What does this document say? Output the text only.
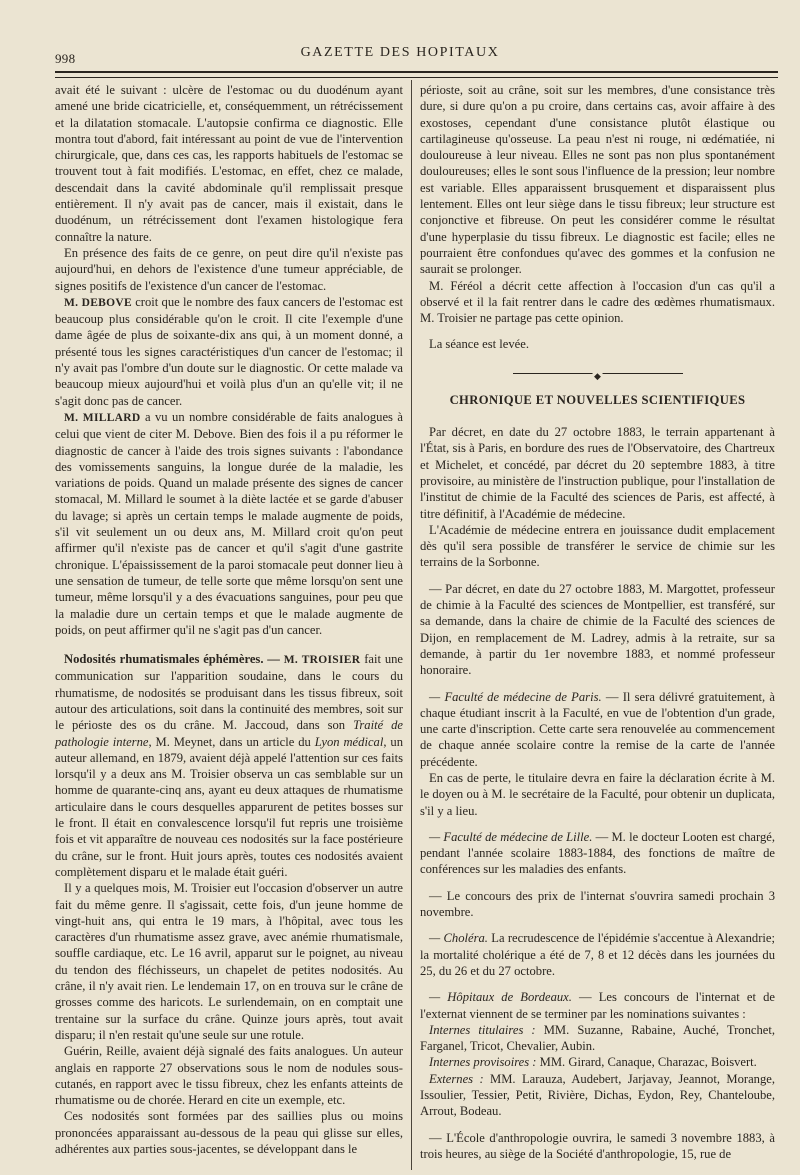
998	GAZETTE DES HOPITAUX

avait été le suivant : ulcère de l'estomac ou du duodénum ayant amené une bride cicatricielle, et, conséquemment, un rétrécissement et la dilatation stomacale. L'autopsie confirma ce diagnostic. Elle montra tout d'abord, fait intéressant au point de vue de l'intervention chirurgicale, que, dans ces cas, les rapports habituels de l'estomac se trouvent tout à fait modifiés. L'estomac, en effet, chez ce malade, descendait dans la cavité abdominale qu'il remplissait presque entièrement. Il n'y avait pas de cancer, mais il existait, dans le duodénum, un rétrécissement dont l'examen histologique fera connaître la nature.

En présence des faits de ce genre, on peut dire qu'il n'existe pas aujourd'hui, en dehors de l'existence d'une tumeur appréciable, de signes positifs de l'existence d'un cancer de l'estomac.

M. DEBOVE croit que le nombre des faux cancers de l'estomac est beaucoup plus considérable qu'on le croit. Il cite l'exemple d'une dame âgée de plus de soixante-dix ans qui, à un moment donné, a présenté tous les signes caractéristiques d'un cancer de l'estomac; il n'y avait pas l'ombre d'un doute sur le diagnostic. Or cette malade va beaucoup mieux aujourd'hui et voilà plus d'un an qu'elle vit; il ne s'agit donc pas de cancer.

M. MILLARD a vu un nombre considérable de faits analogues à celui que vient de citer M. Debove. Bien des fois il a pu réformer le diagnostic de cancer à l'aide des trois signes suivants : l'abondance des vomissements sanguins, la longue durée de la maladie, les variations de poids. Quand un malade présente des signes de cancer stomacal, M. Millard le soumet à la diète lactée et se garde d'abuser du lavage; si après un certain temps le malade augmente de poids, s'il vit seulement un ou deux ans, M. Millard croit qu'on peut affirmer qu'il n'existe pas de cancer et qu'il s'agit d'une gastrite chronique. L'épaississement de la paroi stomacale peut donner lieu à une sensation de tumeur, de telle sorte que même lorsqu'on sent une tumeur, même lorsqu'il y a des évacuations sanguines, pour peu que la maladie dure un certain temps et que le malade augmente de poids, on peut affirmer qu'il ne s'agit pas d'un cancer.

Nodosités rhumatismales éphémères. — M. TROISIER fait une communication sur l'apparition soudaine, dans le cours du rhumatisme, de nodosités se produisant dans les tissus fibreux, soit autour des articulations, soit dans la continuité des membres, soit sur le périoste des os du crâne. M. Jaccoud, dans son Traité de pathologie interne, M. Meynet, dans un article du Lyon médical, un auteur allemand, en 1879, avaient déjà appelé l'attention sur ces faits lorsqu'il y a deux ans M. Troisier observa un cas semblable sur un homme de quarante-cinq ans, ayant eu deux attaques de rhumatisme articulaire dans le cours desquelles apparurent de petites bosses sur le front. Il était en convalescence lorsqu'il fut repris une troisième fois et vit apparaître de nouveau ces nodosités sur la face postérieure du crâne, sur le front. Huit jours après, toutes ces nodosités avaient complètement disparu et le malade était guéri.

Il y a quelques mois, M. Troisier eut l'occasion d'observer un autre fait du même genre. Il s'agissait, cette fois, d'un jeune homme de vingt-huit ans, qui entra le 19 mars, à l'hôpital, avec tous les caractères d'un rhumatisme assez grave, avec anémie rhumatismale, souffle cardiaque, etc. Le 16 avril, apparut sur le poignet, au niveau du tendon des fléchisseurs, un chapelet de petites nodosités. Au crâne, il n'y avait rien. Le lendemain 17, on en trouva sur le crâne de grosses comme des haricots. Le surlendemain, on en comptait une trentaine sur la surface du crâne. Quinze jours après, tout avait disparu; il n'en restait qu'une seule sur une rotule.

Guérin, Reille, avaient déjà signalé des faits analogues. Un auteur anglais en rapporte 27 observations sous le nom de nodules sous-cutanés, en rapport avec le tissu fibreux, chez les enfants atteints de rhumatisme ou de chorée. Herard en cite un exemple, etc.

Ces nodosités sont formées par des saillies plus ou moins prononcées apparaissant au-dessous de la peau qui glisse sur elles, adhérentes aux parties sous-jacentes, se développant dans le

périoste, soit au crâne, soit sur les membres, d'une consistance très dure, si dure qu'on a pu croire, dans certains cas, avoir affaire à des exostoses, cependant d'une consistance plutôt élastique ou cartilagineuse qu'osseuse. La peau n'est ni rouge, ni œdématiée, ni douloureuse à leur niveau. Elles ne sont pas non plus spontanément douloureuses; elles le sont sous l'influence de la pression; leur nombre est variable. Elles apparaissent brusquement et disparaissent plus lentement. Elles ont leur siège dans le tissu fibreux; leur structure est conjonctive et fibreuse. On peut les considérer comme le résultat d'une hyperplasie du tissu fibreux. Le diagnostic est facile; elles ne pourraient être confondues qu'avec des gommes et la confusion ne saurait se prolonger.

M. Féréol a décrit cette affection à l'occasion d'un cas qu'il a observé et il la fait rentrer dans le cadre des œdèmes rhumatismaux. M. Troisier ne partage pas cette opinion.

La séance est levée.

◆
CHRONIQUE ET NOUVELLES SCIENTIFIQUES

Par décret, en date du 27 octobre 1883, le terrain appartenant à l'État, sis à Paris, en bordure des rues de l'Observatoire, des Chartreux et Michelet, et concédé, par décret du 20 septembre 1883, à titre provisoire, au ministère de l'instruction publique, pour l'installation de l'institut de chimie de la Faculté des sciences de Paris, est affecté, à titre définitif, à l'Académie de médecine.

L'Académie de médecine entrera en jouissance dudit emplacement dès qu'il sera possible de transférer le service de chimie sur les terrains de la Sorbonne.

— Par décret, en date du 27 octobre 1883, M. Margottet, professeur de chimie à la Faculté des sciences de Montpellier, est transféré, sur sa demande, dans la chaire de chimie de la Faculté des sciences de Dijon, en remplacement de M. Ladrey, admis à la retraite, sur sa demande, à partir du 1er novembre 1883, et nommé professeur honoraire.

— Faculté de médecine de Paris. — Il sera délivré gratuitement, à chaque étudiant inscrit à la Faculté, en vue de l'obtention d'un grade, une carte d'inscription. Cette carte sera renouvelée au commencement de chaque année scolaire contre la remise de la carte de l'année précédente.

En cas de perte, le titulaire devra en faire la déclaration écrite à M. le doyen ou à M. le secrétaire de la Faculté, pour obtenir un duplicata, s'il y a lieu.

— Faculté de médecine de Lille. — M. le docteur Looten est chargé, pendant l'année scolaire 1883-1884, des fonctions de maître de conférences sur les maladies des enfants.

— Le concours des prix de l'internat s'ouvrira samedi prochain 3 novembre.

— Choléra. La recrudescence de l'épidémie s'accentue à Alexandrie; la mortalité cholérique a été de 7, 8 et 12 décès dans les journées du 25, du 26 et du 27 octobre.

— Hôpitaux de Bordeaux. — Les concours de l'internat et de l'externat viennent de se terminer par les nominations suivantes :

Internes titulaires : MM. Suzanne, Rabaine, Auché, Tronchet, Farganel, Tricot, Chevalier, Aubin.

Internes provisoires : MM. Girard, Canaque, Charazac, Boisvert.

Externes : MM. Larauza, Audebert, Jarjavay, Jeannot, Morange, Issoulier, Tessier, Petit, Rivière, Dichas, Eydon, Rey, Chanteloube, Arrout, Bodeau.

— L'École d'anthropologie ouvrira, le samedi 3 novembre 1883, à trois heures, au siège de la Société d'anthropologie, 15, rue de
